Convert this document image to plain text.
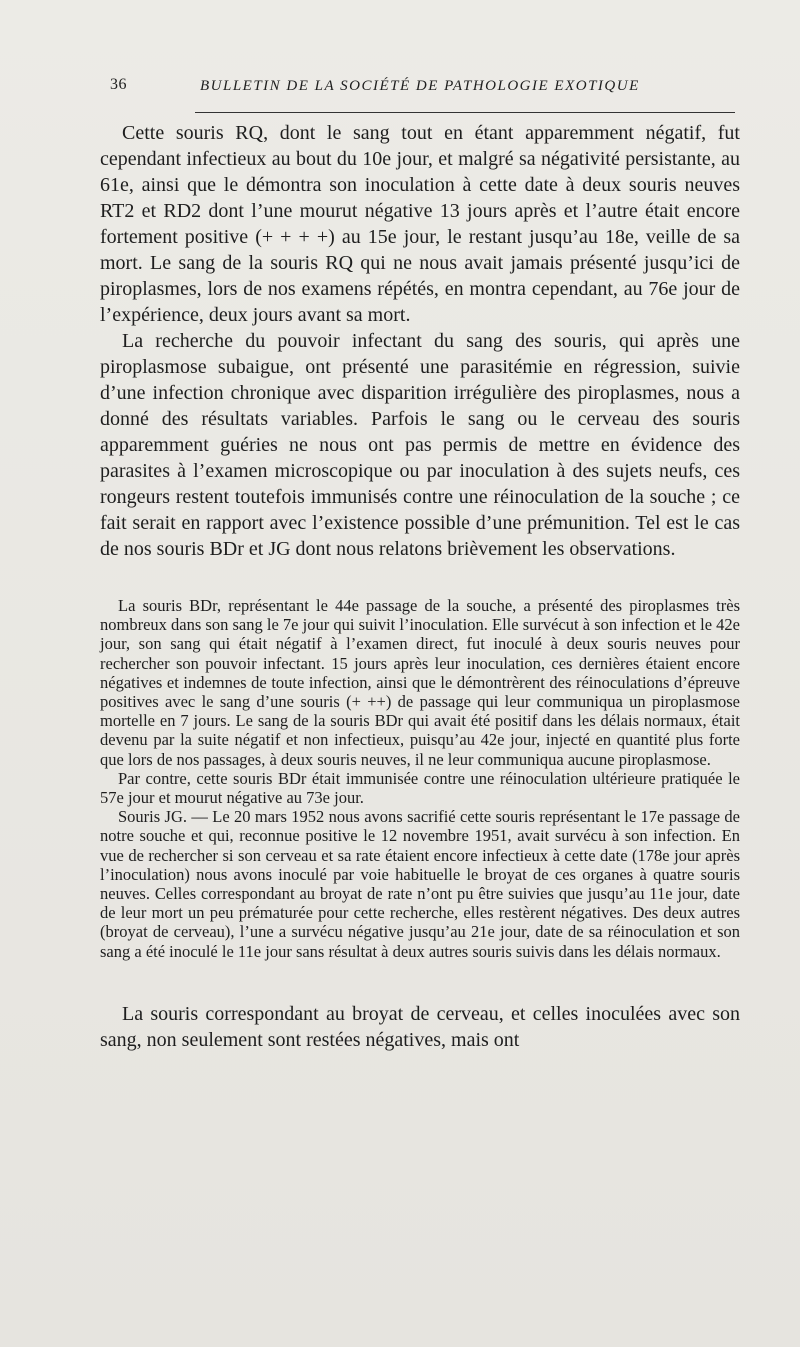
36	BULLETIN DE LA SOCIÉTÉ DE PATHOLOGIE EXOTIQUE

Cette souris RQ, dont le sang tout en étant apparemment négatif, fut cependant infectieux au bout du 10e jour, et malgré sa négativité persistante, au 61e, ainsi que le démontra son inoculation à cette date à deux souris neuves RT2 et RD2 dont l’une mourut négative 13 jours après et l’autre était encore fortement positive (+ + + +) au 15e jour, le restant jusqu’au 18e, veille de sa mort. Le sang de la souris RQ qui ne nous avait jamais présenté jusqu’ici de piroplasmes, lors de nos examens répétés, en montra cependant, au 76e jour de l’expérience, deux jours avant sa mort.

La recherche du pouvoir infectant du sang des souris, qui après une piroplasmose subaigue, ont présenté une parasitémie en régression, suivie d’une infection chronique avec disparition irrégulière des piroplasmes, nous a donné des résultats variables. Parfois le sang ou le cerveau des souris apparemment guéries ne nous ont pas permis de mettre en évidence des parasites à l’examen microscopique ou par inoculation à des sujets neufs, ces rongeurs restent toutefois immunisés contre une réinoculation de la souche ; ce fait serait en rapport avec l’existence possible d’une prémunition. Tel est le cas de nos souris BDr et JG dont nous relatons brièvement les observations.

La souris BDr, représentant le 44e passage de la souche, a présenté des piroplasmes très nombreux dans son sang le 7e jour qui suivit l’inoculation. Elle survécut à son infection et le 42e jour, son sang qui était négatif à l’examen direct, fut inoculé à deux souris neuves pour rechercher son pouvoir infectant. 15 jours après leur inoculation, ces dernières étaient encore négatives et indemnes de toute infection, ainsi que le démontrèrent des réinoculations d’épreuve positives avec le sang d’une souris (+ ++) de passage qui leur communiqua un piroplasmose mortelle en 7 jours. Le sang de la souris BDr qui avait été positif dans les délais normaux, était devenu par la suite négatif et non infectieux, puisqu’au 42e jour, injecté en quantité plus forte que lors de nos passages, à deux souris neuves, il ne leur communiqua aucune piroplasmose.

Par contre, cette souris BDr était immunisée contre une réinoculation ultérieure pratiquée le 57e jour et mourut négative au 73e jour.

Souris JG. — Le 20 mars 1952 nous avons sacrifié cette souris représentant le 17e passage de notre souche et qui, reconnue positive le 12 novembre 1951, avait survécu à son infection. En vue de rechercher si son cerveau et sa rate étaient encore infectieux à cette date (178e jour après l’inoculation) nous avons inoculé par voie habituelle le broyat de ces organes à quatre souris neuves. Celles correspondant au broyat de rate n’ont pu être suivies que jusqu’au 11e jour, date de leur mort un peu prématurée pour cette recherche, elles restèrent négatives. Des deux autres (broyat de cerveau), l’une a survécu négative jusqu’au 21e jour, date de sa réinoculation et son sang a été inoculé le 11e jour sans résultat à deux autres souris suivis dans les délais normaux.

La souris correspondant au broyat de cerveau, et celles inoculées avec son sang, non seulement sont restées négatives, mais ont
